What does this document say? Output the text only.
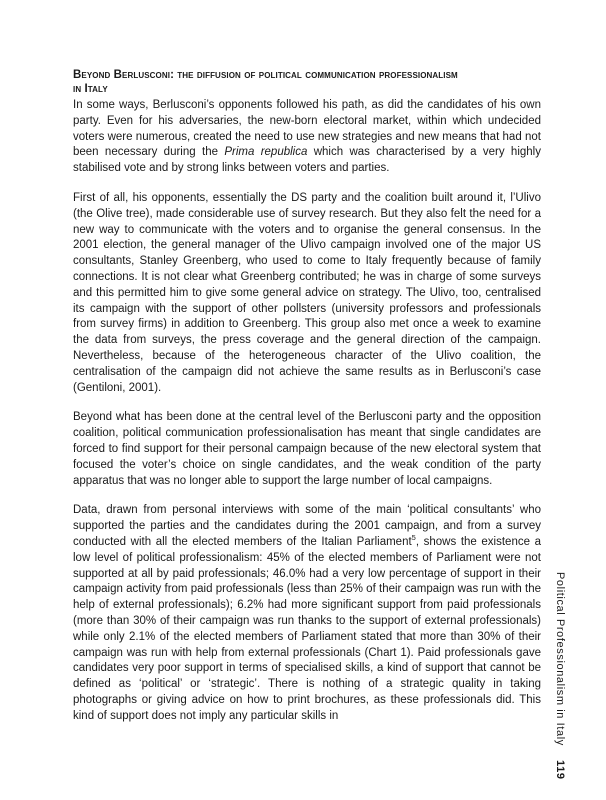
Beyond Berlusconi: the diffusion of political communication professionalism
in Italy

In some ways, Berlusconi’s opponents followed his path, as did the candidates of his own party. Even for his adversaries, the new-born electoral market, within which undecided voters were numerous, created the need to use new strategies and new means that had not been necessary during the Prima republica which was characterised by a very highly stabilised vote and by strong links between voters and parties.

First of all, his opponents, essentially the DS party and the coalition built around it, l’Ulivo (the Olive tree), made considerable use of survey research. But they also felt the need for a new way to communicate with the voters and to organise the general consensus. In the 2001 election, the general manager of the Ulivo campaign involved one of the major US consultants, Stanley Greenberg, who used to come to Italy frequently because of family connections. It is not clear what Greenberg contributed; he was in charge of some surveys and this permitted him to give some general advice on strategy. The Ulivo, too, centralised its campaign with the support of other pollsters (university professors and professionals from survey firms) in addition to Greenberg. This group also met once a week to examine the data from surveys, the press coverage and the general direction of the campaign. Nevertheless, because of the heterogeneous character of the Ulivo coalition, the centralisation of the campaign did not achieve the same results as in Berlusconi’s case (Gentiloni, 2001).

Beyond what has been done at the central level of the Berlusconi party and the opposition coalition, political communication professionalisation has meant that single candidates are forced to find support for their personal campaign because of the new electoral system that focused the voter’s choice on single candidates, and the weak condition of the party apparatus that was no longer able to support the large number of local campaigns.

Data, drawn from personal interviews with some of the main ‘political consultants’ who supported the parties and the candidates during the 2001 campaign, and from a survey conducted with all the elected members of the Italian Parliament$^5$, shows the existence a low level of political professionalism: 45% of the elected members of Parliament were not supported at all by paid professionals; 46.0% had a very low percentage of support in their campaign activity from paid professionals (less than 25% of their campaign was run with the help of external professionals); 6.2% had more significant support from paid professionals (more than 30% of their campaign was run thanks to the support of external professionals) while only 2.1% of the elected members of Parliament stated that more than 30% of their campaign was run with help from external professionals (Chart 1). Paid professionals gave candidates very poor support in terms of specialised skills, a kind of support that cannot be defined as ‘political’ or ‘strategic’. There is nothing of a strategic quality in taking photographs or giving advice on how to print brochures, as these professionals did. This kind of support does not imply any particular skills in	Political Professionalism in Italy 119
